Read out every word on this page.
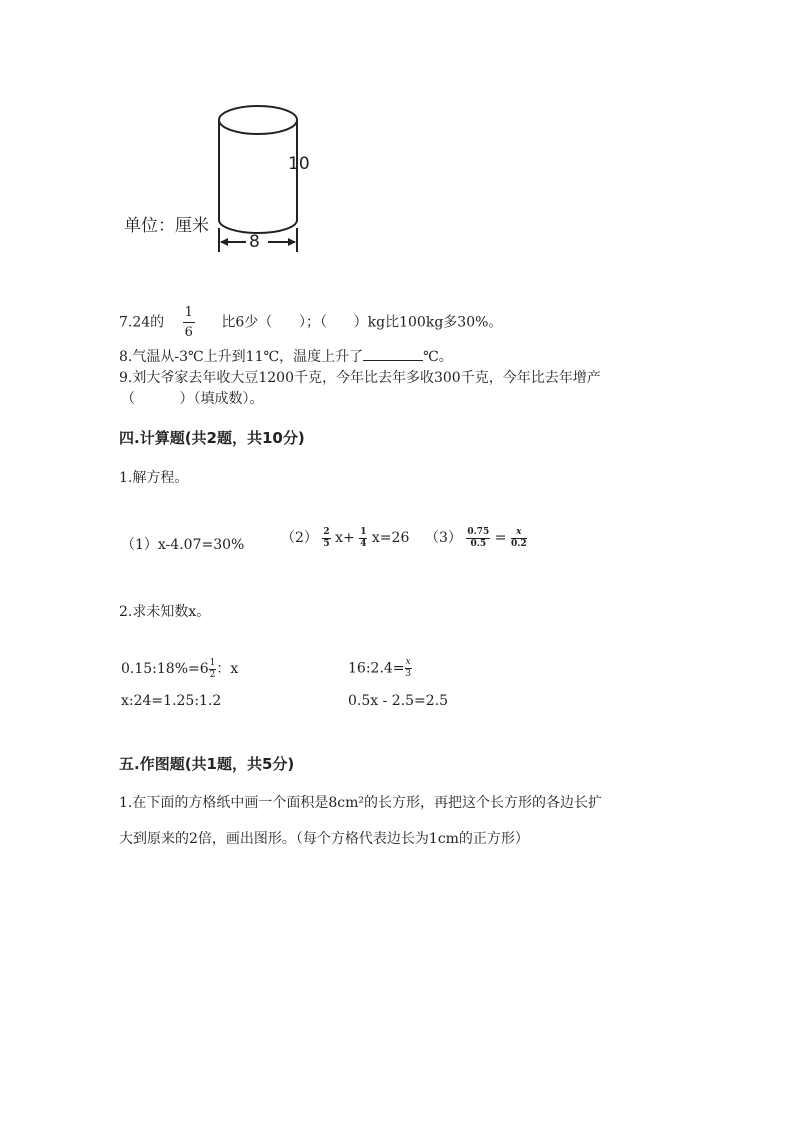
10
8
单位：厘米
7.24的 $\frac{1}{6}$ 比6少（      ）；（      ）kg比100kg多30%。
8.气温从-3℃上升到11℃，温度上升了	℃。
9.刘大爷家去年收大豆1200千克，今年比去年多收300千克，今年比去年增产
（          ）（填成数）。
四.计算题(共2题，共10分)
1.解方程。
（1）x-4.07=30%	$(2) \frac{2}{5} x+ \frac{1}{4} x=26$ $(3) \frac{0.75}{0.5} = \frac{x}{0.2}$
2.求未知数x。
0.15:18%=6 $\frac{1}{2}$ ：x	16:2.4= $\frac{x}{3}$
x:24=1.25:1.2	0.5x - 2.5=2.5
五.作图题(共1题，共5分)
1.在下面的方格纸中画一个面积是8cm²的长方形，再把这个长方形的各边长扩
大到原来的2倍，画出图形。（每个方格代表边长为1cm的正方形）
